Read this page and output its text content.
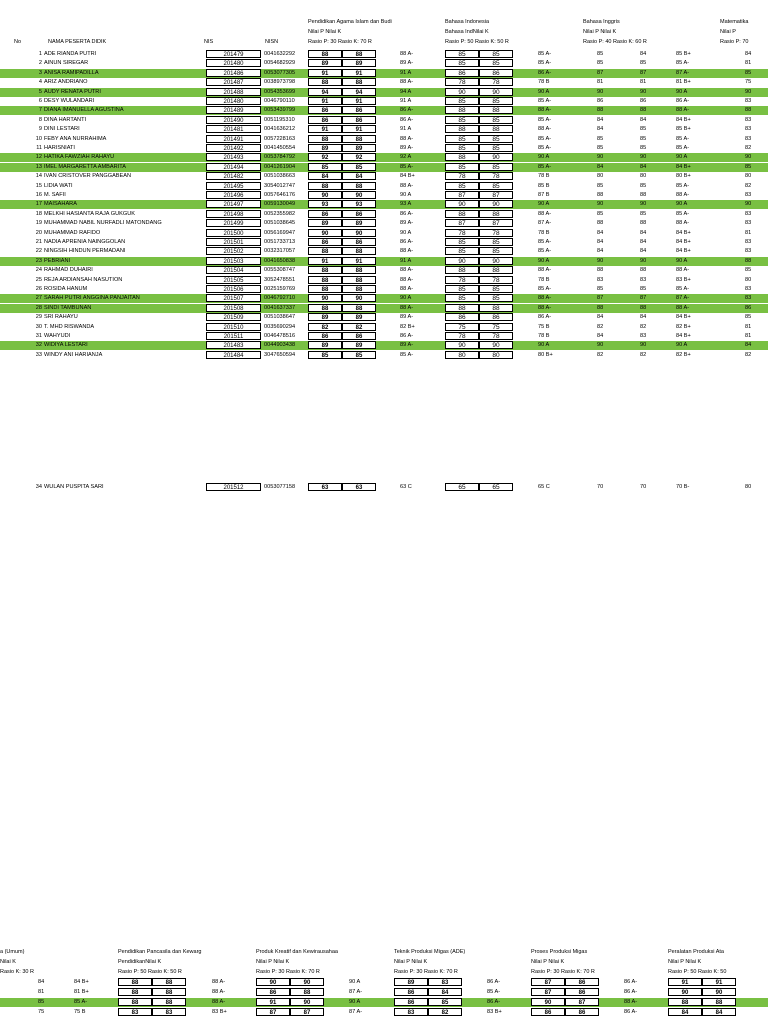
Pendidikan Agama Islam dan Budi
Nilai P Nilai K
Rasio P: 30 Rasio K: 70 R
Bahasa Indonesia
Bahasa IndNilai K
Rasio P: 50 Rasio K: 50 R
Bahasa Inggris
Nilai P Nilai K
Rasio P: 40 Rasio K: 60 R
Matematika
Nilai P
Rasio P: 70
No	NAMA PESERTA DIDIK	NIS	NISN
1 ADE RIANDA PUTRI	201479	0041632292	88	88	88 A-	85	85	85 A-	85	84	85 B+	84
2 AINUN SIREGAR	201480	0054682929	89	89	89 A-	85	85	85 A-	85	85	85 A-	81
3 ANISA RAMIPADILLA	201486	0053077305	91	91	91 A	86	86	86 A-	87	87	87 A-	85
4 ARIZ ANDRIANO	201487	0038973798	88	88	88 A-	78	78	78 B	81	81	81 B+	75
5 AUDY RENATA PUTRI	201488	0054353699	94	94	94 A	90	90	90 A	90	90	90 A	90
6 DESY WULANDARI	201480	0046790110	91	91	91 A	85	85	85 A-	86	86	86 A-	83
7 DIANA IMANUELLA AGUSTINA	201489	0053439799	86	86	86 A-	88	88	88 A-	88	88	88 A-	88
8 DINA HARTANTI	201490	0051195310	86	86	86 A-	85	85	85 A-	84	84	84 B+	83
9 DINI LESTARI	201481	0041636212	91	91	91 A	88	88	88 A-	84	85	85 B+	83
10 FEBY ANA NURRAHIMA	201491	0057228163	88	88	88 A-	85	85	85 A-	85	85	85 A-	83
11 HARISNIATI	201492	0041450554	89	89	89 A-	85	85	85 A-	85	85	85 A-	82
12 HATIKA FAWZIAH RAHAYU	201493	0053784792	92	92	92 A	88	90	90 A	90	90	90 A	90
13 IMEL MARGARETTA AMBARITA	201494	0041261904	85	85	85 A-	85	85	85 A-	84	84	84 B+	85
14 IVAN CRISTOVER PANGGABEAN	201482	0051038663	84	84	84 B+	78	78	78 B	80	80	80 B+	80
15 LIDIA WATI	201495	3054012747	88	88	88 A-	85	85	85 B	85	85	85 A-	82
16 M. SAFII	201496	0057646176	90	90	90 A	87	87	87 B	88	88	88 A-	83
17 MAISAHARA	201497	0059130049	93	93	93 A	90	90	90 A	90	90	90 A	90
18 MELKHI HASIANTA RAJA GUKGUK	201498	0052355982	86	86	86 A-	88	88	88 A-	85	85	85 A-	83
19 MUHAMMAD NABIL NURFADLI MATONDANG	201499	0051038645	89	89	89 A-	87	87	87 A-	88	88	88 A-	83
20 MUHAMMAD RAFIDO	201500	0056169947	90	90	90 A	78	78	78 B	84	84	84 B+	81
21 NADIA APRENIA NAINGGOLAN	201501	0051733713	86	86	86 A-	85	85	85 A-	84	84	84 B+	83
22 NINGSIH HINDUN PERMADANI	201502	0032317057	88	88	88 A-	85	85	85 A-	84	84	84 B+	83
23 PEBRIANI	201503	0041650838	91	91	91 A	90	90	90 A	90	90	90 A	88
24 RAHMAD DUHAIRI	201504	0055308747	88	88	88 A-	88	88	88 A-	88	88	88 A-	85
25 REJA ARDIANSAH NASUTION	201505	3052478551	88	88	88 A-	78	78	78 B	83	83	83 B+	80
26 ROSIDA HANUM	201506	0025159769	88	88	88 A-	85	85	85 A-	85	85	85 A-	83
27 SARAH PUTRI ANGGINA PANJAITAN	201507	0046792710	90	90	90 A	85	85	88 A-	87	87	87 A-	83
28 SINDI TAMBUNAN	201508	0041637337	88	88	88 A-	88	88	88 A-	88	88	88 A-	86
29 SRI RAHAYU	201509	0051038647	89	89	89 A-	86	86	86 A-	84	84	84 B+	85
30 T. MHD RISWANDA	201510	0035690294	82	82	82 B+	75	75	75 B	82	82	82 B+	81
31 WAHYUDI	201511	0046478516	86	86	86 A-	78	78	78 B	84	83	84 B+	81
32 WIDIYA LESTARI	201483	0044903438	89	89	89 A-	90	90	90 A	90	90	90 A	84
33 WINDY ANI HARIANJA	201484	3047650594	85	85	85 A-	80	80	80 B+	82	82	82 B+	82
34 WULAN PUSPITA SARI	201512	0053077158	63	63	63 C	65	65	65 C	70	70	70 B-	80
a (Umum)
Nilai K
Rasio K: 30 R
Pendidikan Pancasila dan Kewarg
PendidikanNilai K
Rasio P: 50 Rasio K: 50 R
Produk Kreatif dan Kewirausahaa
Nilai P Nilai K
Rasio P: 30 Rasio K: 70 R
Teknik Produksi Migas (ADE)
Nilai P Nilai K
Rasio P: 30 Rasio K: 70 R
Proses Produksi Migas
Nilai P Nilai K
Rasio P: 30 Rasio K: 70 R
Peralatan Produksi Ata
Nilai P Nilai K
Rasio P: 50 Rasio K: 50
84	84 B+	88	88	88 A-	90	90	90 A	89	83	86 A-	87	86	86 A-	91	91
81	81 B+	88	88	88 A-	86	88	87 A-	86	84	85 A-	87	86	86 A-	90	90
85	85 A-	88	88	88 A-	91	90	90 A	86	85	86 A-	90	87	88 A-	88	88
75	75 B	83	83	83 B+	87	87	87 A-	83	82	83 B+	86	86	86 A-	84	84
